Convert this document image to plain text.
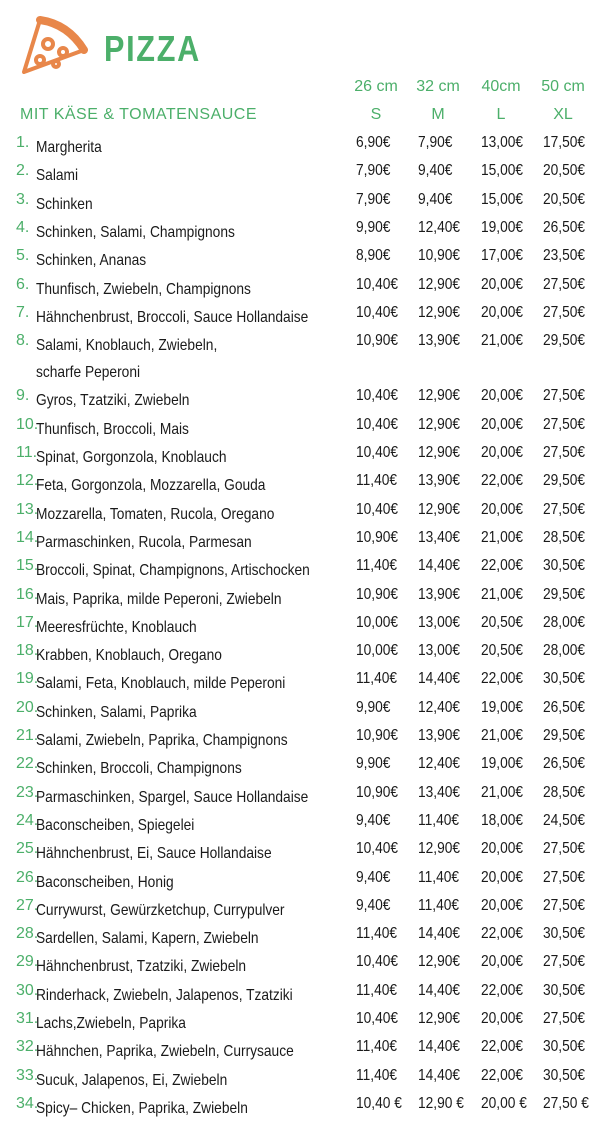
PIZZA
26 cm	32 cm	40cm	50 cm
MIT KÄSE & TOMATENSAUCE	S	M	L	XL
1. Margherita	6,90€	7,90€	13,00€	17,50€
2. Salami	7,90€	9,40€	15,00€	20,50€
3. Schinken	7,90€	9,40€	15,00€	20,50€
4. Schinken, Salami, Champignons	9,90€	12,40€	19,00€	26,50€
5. Schinken, Ananas	8,90€	10,90€	17,00€	23,50€
6. Thunfisch, Zwiebeln, Champignons	10,40€	12,90€	20,00€	27,50€
7. Hähnchenbrust, Broccoli, Sauce Hollandaise	10,40€	12,90€	20,00€	27,50€
8. Salami, Knoblauch, Zwiebeln,
scharfe Peperoni
10,90€	13,90€	21,00€	29,50€
9. Gyros, Tzatziki, Zwiebeln	10,40€	12,90€	20,00€	27,50€
10.
Thunfisch, Broccoli, Mais	10,40€	12,90€	20,00€	27,50€
11.
Spinat, Gorgonzola, Knoblauch	10,40€	12,90€	20,00€	27,50€
12.
Feta, Gorgonzola, Mozzarella, Gouda	11,40€	13,90€	22,00€	29,50€
13.
Mozzarella, Tomaten, Rucola, Oregano	10,40€	12,90€	20,00€	27,50€
14.
Parmaschinken, Rucola, Parmesan	10,90€	13,40€	21,00€	28,50€
15.
Broccoli, Spinat, Champignons, Artischocken	11,40€	14,40€	22,00€	30,50€
16.
Mais, Paprika, milde Peperoni, Zwiebeln	10,90€	13,90€	21,00€	29,50€
17.
Meeresfrüchte, Knoblauch	10,00€	13,00€	20,50€	28,00€
18.
Krabben, Knoblauch, Oregano	10,00€	13,00€	20,50€	28,00€
19.
Salami, Feta, Knoblauch, milde Peperoni	11,40€	14,40€	22,00€	30,50€
20.
Schinken, Salami, Paprika	9,90€	12,40€	19,00€	26,50€
21.
Salami, Zwiebeln, Paprika, Champignons	10,90€	13,90€	21,00€	29,50€
22.
Schinken, Broccoli, Champignons	9,90€	12,40€	19,00€	26,50€
23.
Parmaschinken, Spargel, Sauce Hollandaise	10,90€	13,40€	21,00€	28,50€
24.
Baconscheiben, Spiegelei	9,40€	11,40€	18,00€	24,50€
25.
Hähnchenbrust, Ei, Sauce Hollandaise	10,40€	12,90€	20,00€	27,50€
26.
Baconscheiben, Honig	9,40€	11,40€	20,00€	27,50€
27.
Currywurst, Gewürzketchup, Currypulver	9,40€	11,40€	20,00€	27,50€
28.
Sardellen, Salami, Kapern, Zwiebeln	11,40€	14,40€	22,00€	30,50€
29.
Hähnchenbrust, Tzatziki, Zwiebeln	10,40€	12,90€	20,00€	27,50€
30.
Rinderhack, Zwiebeln, Jalapenos, Tzatziki	11,40€	14,40€	22,00€	30,50€
31.
Lachs,Zwiebeln, Paprika	10,40€	12,90€	20,00€	27,50€
32.
Hähnchen, Paprika, Zwiebeln, Currysauce	11,40€	14,40€	22,00€	30,50€
33.
Sucuk, Jalapenos, Ei, Zwiebeln	11,40€	14,40€	22,00€	30,50€
34.
Spicy– Chicken, Paprika, Zwiebeln	10,40 €	12,90 €	20,00 €	27,50 €
